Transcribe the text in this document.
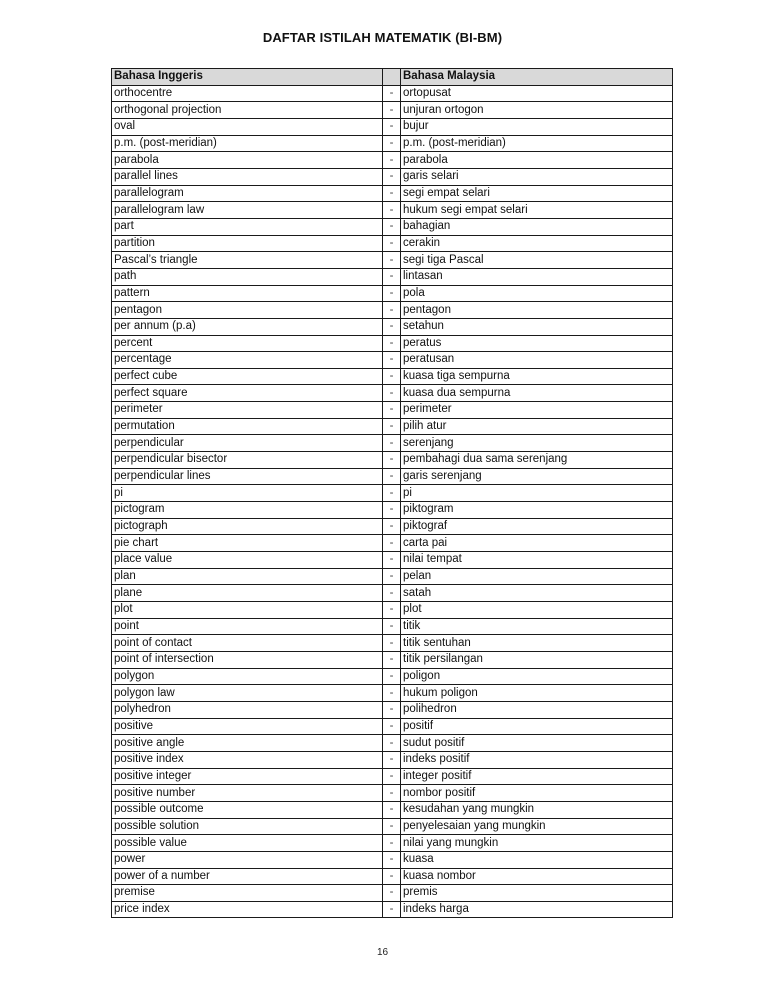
DAFTAR ISTILAH MATEMATIK (BI-BM)
Bahasa Inggeris		Bahasa Malaysia
orthocentre	-	ortopusat
orthogonal projection	-	unjuran ortogon
oval	-	bujur
p.m. (post-meridian)	-	p.m. (post-meridian)
parabola	-	parabola
parallel lines	-	garis selari
parallelogram	-	segi empat selari
parallelogram law	-	hukum segi empat selari
part	-	bahagian
partition	-	cerakin
Pascal’s triangle	-	segi tiga Pascal
path	-	lintasan
pattern	-	pola
pentagon	-	pentagon
per annum (p.a)	-	setahun
percent	-	peratus
percentage	-	peratusan
perfect cube	-	kuasa tiga sempurna
perfect square	-	kuasa dua sempurna
perimeter	-	perimeter
permutation	-	pilih atur
perpendicular	-	serenjang
perpendicular bisector	-	pembahagi dua sama serenjang
perpendicular lines	-	garis serenjang
pi	-	pi
pictogram	-	piktogram
pictograph	-	piktograf
pie chart	-	carta pai
place value	-	nilai tempat
plan	-	pelan
plane	-	satah
plot	-	plot
point	-	titik
point of contact	-	titik sentuhan
point of intersection	-	titik persilangan
polygon	-	poligon
polygon law	-	hukum poligon
polyhedron	-	polihedron
positive	-	positif
positive angle	-	sudut positif
positive index	-	indeks positif
positive integer	-	integer positif
positive number	-	nombor positif
possible outcome	-	kesudahan yang mungkin
possible solution	-	penyelesaian yang mungkin
possible value	-	nilai yang mungkin
power	-	kuasa
power of a number	-	kuasa nombor
premise	-	premis
price index	-	indeks harga
16
